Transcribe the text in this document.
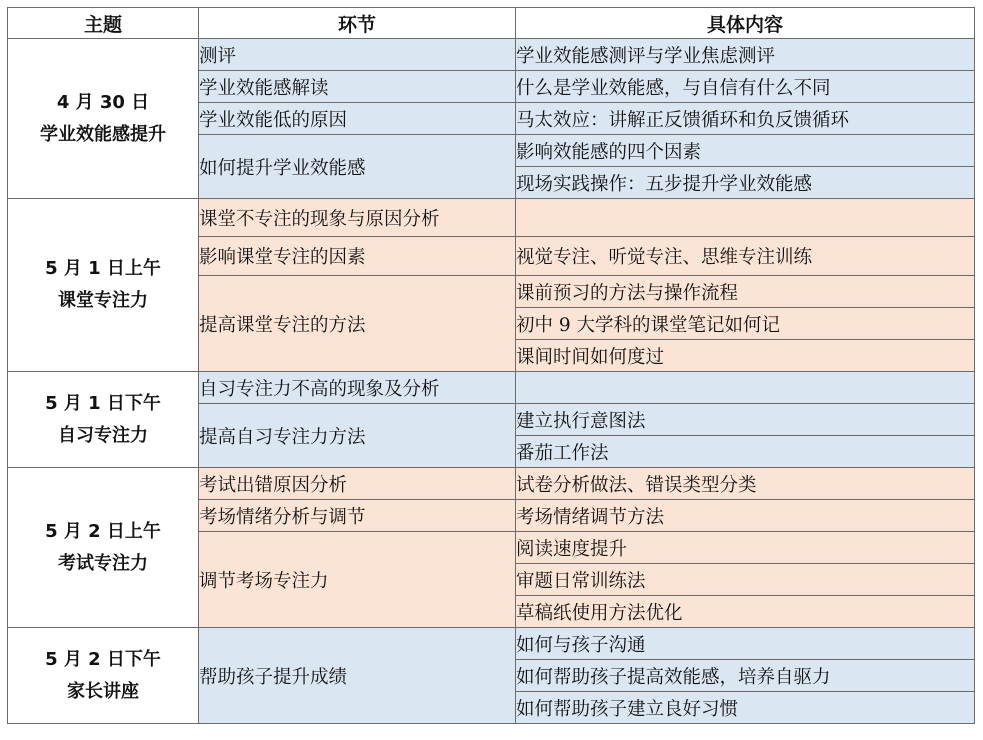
主题	环节	具体内容

4 月 30 日
学业效能感提升	测评	学业效能感测评与学业焦虑测评
	学业效能感解读	什么是学业效能感，与自信有什么不同
	学业效能低的原因	马太效应：讲解正反馈循环和负反馈循环
	如何提升学业效能感	影响效能感的四个因素
		现场实践操作：五步提升学业效能感

5 月 1 日上午
课堂专注力	课堂不专注的现象与原因分析	
	影响课堂专注的因素	视觉专注、听觉专注、思维专注训练
	提高课堂专注的方法	课前预习的方法与操作流程
		初中 9 大学科的课堂笔记如何记
		课间时间如何度过

5 月 1 日下午
自习专注力	自习专注力不高的现象及分析	
	提高自习专注力方法	建立执行意图法
		番茄工作法

5 月 2 日上午
考试专注力	考试出错原因分析	试卷分析做法、错误类型分类
	考场情绪分析与调节	考场情绪调节方法
	调节考场专注力	阅读速度提升
		审题日常训练法
		草稿纸使用方法优化

5 月 2 日下午
家长讲座	帮助孩子提升成绩	如何与孩子沟通
		如何帮助孩子提高效能感，培养自驱力
		如何帮助孩子建立良好习惯
